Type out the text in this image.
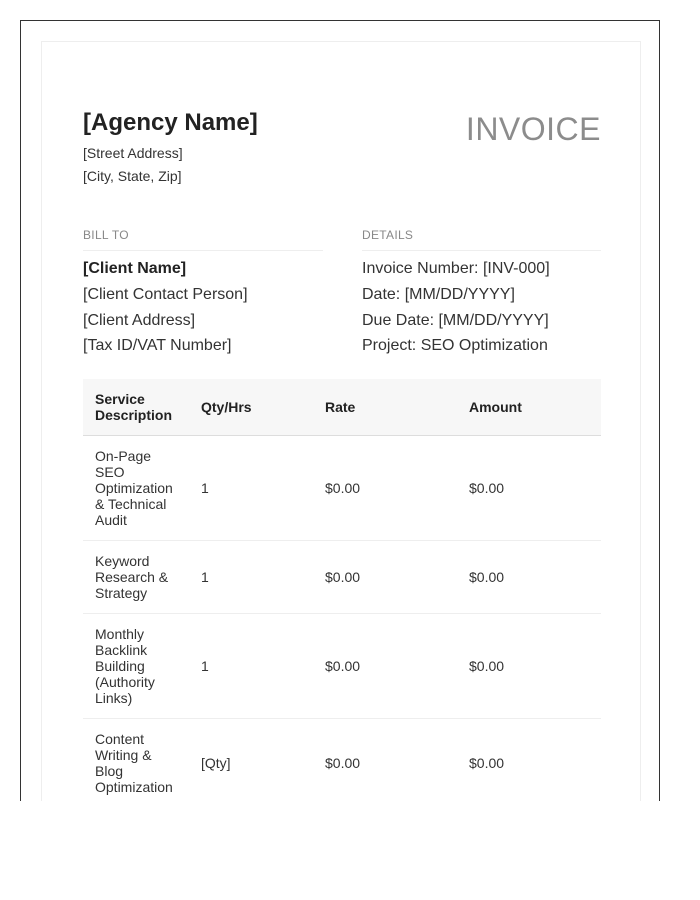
[Agency Name]
[Street Address]
[City, State, Zip]
INVOICE
BILL TO
[Client Name]
[Client Contact Person]
[Client Address]
[Tax ID/VAT Number]
DETAILS
Invoice Number: [INV-000]
Date: [MM/DD/YYYY]
Due Date: [MM/DD/YYYY]
Project: SEO Optimization
Service Description	Qty/Hrs	Rate	Amount
On-Page SEO Optimization & Technical Audit	1	$0.00	$0.00
Keyword Research & Strategy	1	$0.00	$0.00
Monthly Backlink Building (Authority Links)	1	$0.00	$0.00
Content Writing & Blog Optimization	[Qty]	$0.00	$0.00
